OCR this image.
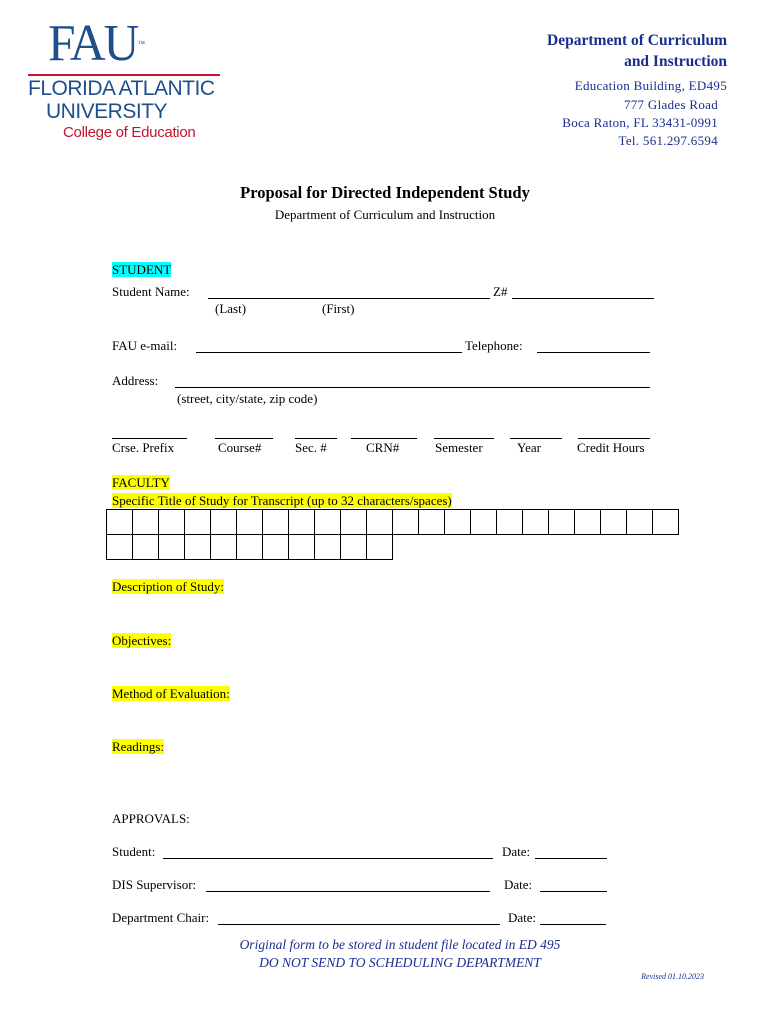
FAU™
FLORIDA ATLANTIC
UNIVERSITY
College of Education
Department of Curriculum
and Instruction
Education Building, ED495
777 Glades Road
Boca Raton, FL 33431-0991
Tel. 561.297.6594
Proposal for Directed Independent Study
Department of Curriculum and Instruction
STUDENT
Student Name:	Z#
(Last)	(First)
FAU e-mail:	Telephone:
Address:
(street, city/state, zip code)
Crse. Prefix	Course#	Sec. #	CRN#	Semester	Year	Credit Hours
FACULTY
Specific Title of Study for Transcript (up to 32 characters/spaces)

Description of Study:
Objectives:
Method of Evaluation:
Readings:
APPROVALS:
Student:	Date:
DIS Supervisor:	Date:
Department Chair:	Date:
Original form to be stored in student file located in ED 495
DO NOT SEND TO SCHEDULING DEPARTMENT
Revised 01.10.2023
